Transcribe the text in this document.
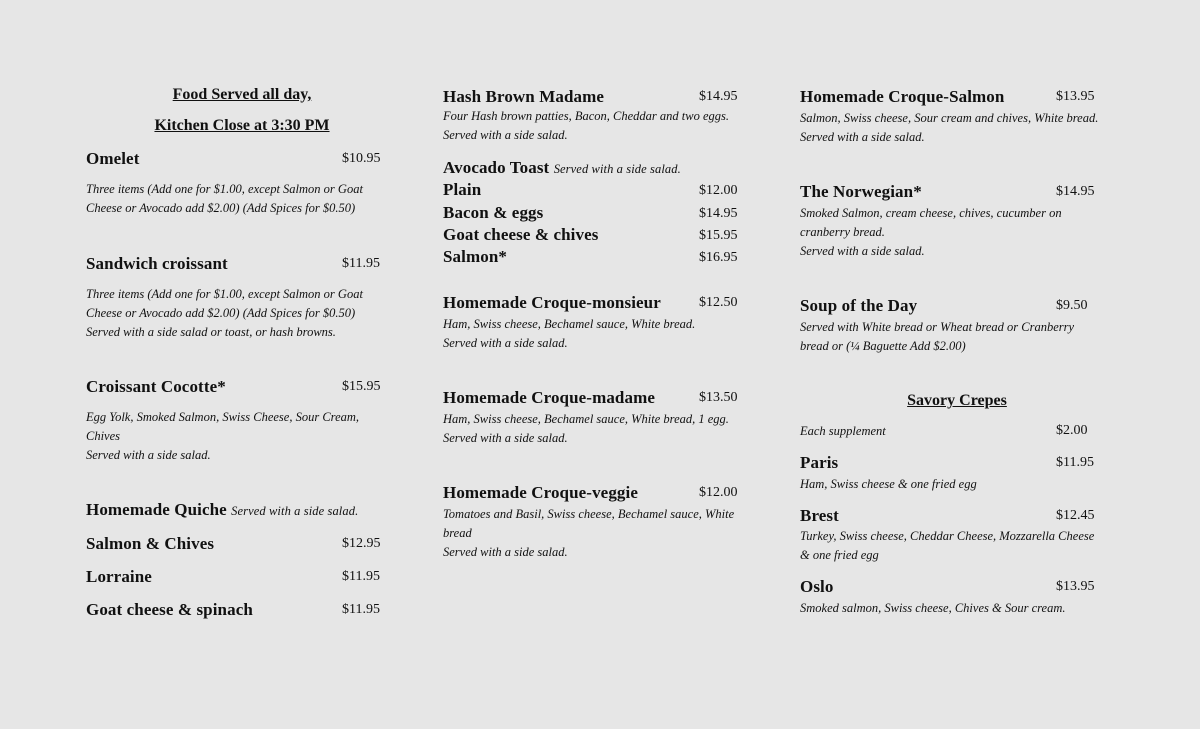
Food Served all day,
Kitchen Close at 3:30 PM
Omelet	$10.95
Three items (Add one for $1.00, except Salmon or Goat
Cheese or Avocado add $2.00) (Add Spices for $0.50)
Sandwich croissant	$11.95
Three items (Add one for $1.00, except Salmon or Goat
Cheese or Avocado add $2.00) (Add Spices for $0.50)
Served with a side salad or toast, or hash browns.
Croissant Cocotte*	$15.95
Egg Yolk, Smoked Salmon, Swiss Cheese, Sour Cream,
Chives
Served with a side salad.
Homemade Quiche Served with a side salad.
Salmon & Chives	$12.95
Lorraine	$11.95
Goat cheese & spinach	$11.95
Hash Brown Madame	$14.95
Four Hash brown patties, Bacon, Cheddar and two eggs.
Served with a side salad.
Avocado Toast Served with a side salad.
Plain	$12.00
Bacon & eggs	$14.95
Goat cheese & chives	$15.95
Salmon*	$16.95
Homemade Croque-monsieur	$12.50
Ham, Swiss cheese, Bechamel sauce, White bread.
Served with a side salad.
Homemade Croque-madame	$13.50
Ham, Swiss cheese, Bechamel sauce, White bread, 1 egg.
Served with a side salad.
Homemade Croque-veggie	$12.00
Tomatoes and Basil, Swiss cheese, Bechamel sauce, White
bread
Served with a side salad.
Homemade Croque-Salmon	$13.95
Salmon, Swiss cheese, Sour cream and chives, White bread.
Served with a side salad.
The Norwegian*	$14.95
Smoked Salmon, cream cheese, chives, cucumber on
cranberry bread.
Served with a side salad.
Soup of the Day	$9.50
Served with White bread or Wheat bread or Cranberry
bread or (¼ Baguette Add $2.00)
Savory Crepes
Each supplement	$2.00
Paris	$11.95
Ham, Swiss cheese & one fried egg
Brest	$12.45
Turkey, Swiss cheese, Cheddar Cheese, Mozzarella Cheese
& one fried egg
Oslo	$13.95
Smoked salmon, Swiss cheese, Chives & Sour cream.
